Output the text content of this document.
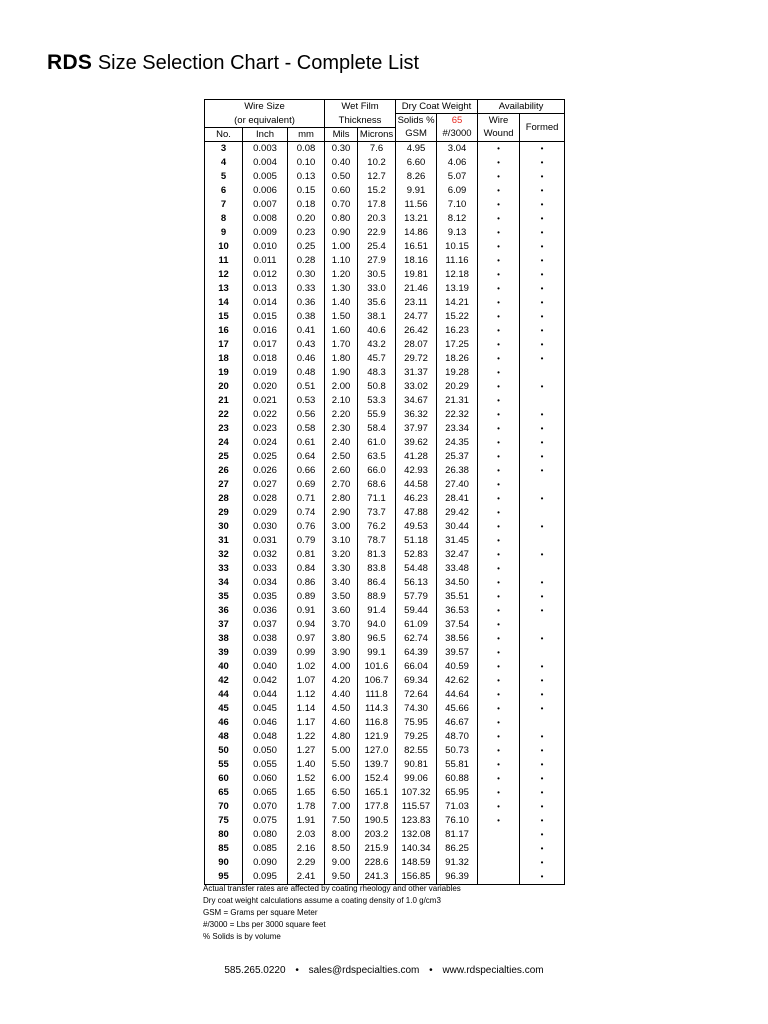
RDS Size Selection Chart - Complete List
Wire Size			Wet Film		Dry Coat Weight		Availability	
(or equivalent)			Thickness		Solids %	65	Wire	Formed
No.	Inch	mm	Mils	Microns	GSM	#/3000	Wound	
3	0.003	0.08	0.30	7.6	4.95	3.04	•	•
4	0.004	0.10	0.40	10.2	6.60	4.06	•	•
5	0.005	0.13	0.50	12.7	8.26	5.07	•	•
6	0.006	0.15	0.60	15.2	9.91	6.09	•	•
7	0.007	0.18	0.70	17.8	11.56	7.10	•	•
8	0.008	0.20	0.80	20.3	13.21	8.12	•	•
9	0.009	0.23	0.90	22.9	14.86	9.13	•	•
10	0.010	0.25	1.00	25.4	16.51	10.15	•	•
11	0.011	0.28	1.10	27.9	18.16	11.16	•	•
12	0.012	0.30	1.20	30.5	19.81	12.18	•	•
13	0.013	0.33	1.30	33.0	21.46	13.19	•	•
14	0.014	0.36	1.40	35.6	23.11	14.21	•	•
15	0.015	0.38	1.50	38.1	24.77	15.22	•	•
16	0.016	0.41	1.60	40.6	26.42	16.23	•	•
17	0.017	0.43	1.70	43.2	28.07	17.25	•	•
18	0.018	0.46	1.80	45.7	29.72	18.26	•	•
19	0.019	0.48	1.90	48.3	31.37	19.28	•	
20	0.020	0.51	2.00	50.8	33.02	20.29	•	•
21	0.021	0.53	2.10	53.3	34.67	21.31	•	
22	0.022	0.56	2.20	55.9	36.32	22.32	•	•
23	0.023	0.58	2.30	58.4	37.97	23.34	•	•
24	0.024	0.61	2.40	61.0	39.62	24.35	•	•
25	0.025	0.64	2.50	63.5	41.28	25.37	•	•
26	0.026	0.66	2.60	66.0	42.93	26.38	•	•
27	0.027	0.69	2.70	68.6	44.58	27.40	•	
28	0.028	0.71	2.80	71.1	46.23	28.41	•	•
29	0.029	0.74	2.90	73.7	47.88	29.42	•	
30	0.030	0.76	3.00	76.2	49.53	30.44	•	•
31	0.031	0.79	3.10	78.7	51.18	31.45	•	
32	0.032	0.81	3.20	81.3	52.83	32.47	•	•
33	0.033	0.84	3.30	83.8	54.48	33.48	•	
34	0.034	0.86	3.40	86.4	56.13	34.50	•	•
35	0.035	0.89	3.50	88.9	57.79	35.51	•	•
36	0.036	0.91	3.60	91.4	59.44	36.53	•	•
37	0.037	0.94	3.70	94.0	61.09	37.54	•	
38	0.038	0.97	3.80	96.5	62.74	38.56	•	•
39	0.039	0.99	3.90	99.1	64.39	39.57	•	
40	0.040	1.02	4.00	101.6	66.04	40.59	•	•
42	0.042	1.07	4.20	106.7	69.34	42.62	•	•
44	0.044	1.12	4.40	111.8	72.64	44.64	•	•
45	0.045	1.14	4.50	114.3	74.30	45.66	•	•
46	0.046	1.17	4.60	116.8	75.95	46.67	•	
48	0.048	1.22	4.80	121.9	79.25	48.70	•	•
50	0.050	1.27	5.00	127.0	82.55	50.73	•	•
55	0.055	1.40	5.50	139.7	90.81	55.81	•	•
60	0.060	1.52	6.00	152.4	99.06	60.88	•	•
65	0.065	1.65	6.50	165.1	107.32	65.95	•	•
70	0.070	1.78	7.00	177.8	115.57	71.03	•	•
75	0.075	1.91	7.50	190.5	123.83	76.10	•	•
80	0.080	2.03	8.00	203.2	132.08	81.17		•
85	0.085	2.16	8.50	215.9	140.34	86.25		•
90	0.090	2.29	9.00	228.6	148.59	91.32		•
95	0.095	2.41	9.50	241.3	156.85	96.39		•
Actual transfer rates are affected by coating rheology and other variables
Dry coat weight calculations assume a coating density of 1.0 g/cm3
GSM = Grams per square Meter
#/3000 = Lbs per 3000 square feet
% Solids is by volume
585.265.0220 • sales@rdspecialties.com • www.rdspecialties.com
